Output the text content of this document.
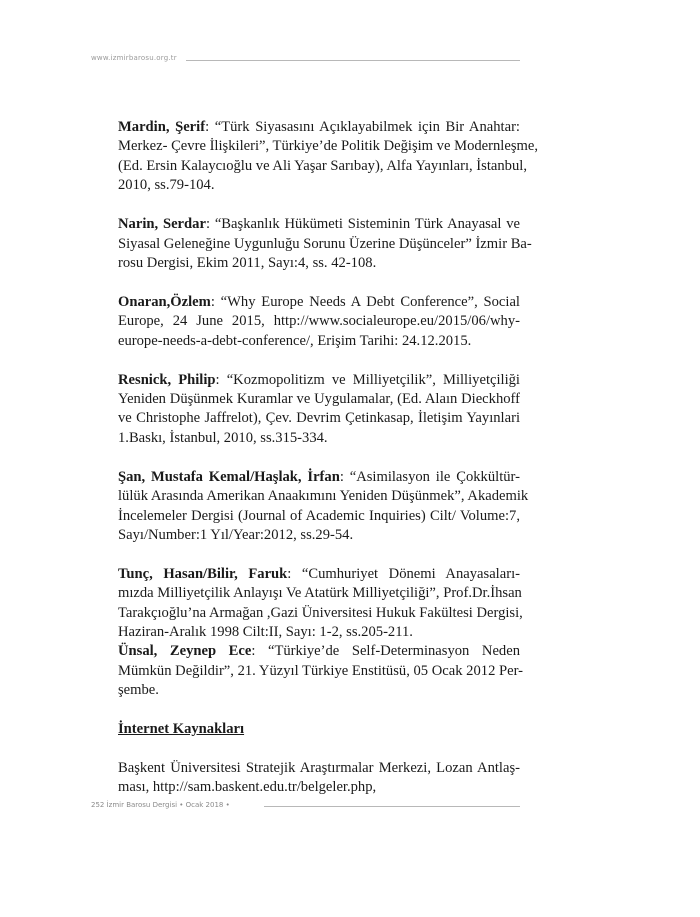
www.izmirbarosu.org.tr
Mardin, Şerif: “Türk Siyasasını Açıklayabilmek için Bir Anahtar:
Merkez- Çevre İlişkileri”, Türkiye’de Politik Değişim ve Modernleşme,
(Ed. Ersin Kalaycıoğlu ve Ali Yaşar Sarıbay), Alfa Yayınları, İstanbul,
2010, ss.79-104.
Narin, Serdar: “Başkanlık Hükümeti Sisteminin Türk Anayasal ve
Siyasal Geleneğine Uygunluğu Sorunu Üzerine Düşünceler” İzmir Ba-
rosu Dergisi, Ekim 2011, Sayı:4, ss. 42-108.
Onaran,Özlem: “Why Europe Needs A Debt Conference”, Social
Europe, 24 June 2015, http://www.socialeurope.eu/2015/06/why-
europe-needs-a-debt-conference/, Erişim Tarihi: 24.12.2015.
Resnick, Philip: “Kozmopolitizm ve Milliyetçilik”, Milliyetçiliği
Yeniden Düşünmek Kuramlar ve Uygulamalar, (Ed. Alaın Dieckhoff
ve Christophe Jaffrelot), Çev. Devrim Çetinkasap, İletişim Yayınlari
1.Baskı, İstanbul, 2010, ss.315-334.
Şan, Mustafa Kemal/Haşlak, İrfan: “Asimilasyon ile Çokkültür-
lülük Arasında Amerikan Anaakımını Yeniden Düşünmek”, Akademik
İncelemeler Dergisi (Journal of Academic Inquiries) Cilt/ Volume:7,
Sayı/Number:1 Yıl/Year:2012, ss.29-54.
Tunç, Hasan/Bilir, Faruk: “Cumhuriyet Dönemi Anayasaları-
mızda Milliyetçilik Anlayışı Ve Atatürk Milliyetçiliği”, Prof.Dr.İhsan
Tarakçıoğlu’na Armağan ,Gazi Üniversitesi Hukuk Fakültesi Dergisi,
Haziran-Aralık 1998 Cilt:II, Sayı: 1-2, ss.205-211.
Ünsal, Zeynep Ece: “Türkiye’de Self-Determinasyon Neden
Mümkün Değildir”, 21. Yüzyıl Türkiye Enstitüsü, 05 Ocak 2012 Per-
şembe.
İnternet Kaynakları
Başkent Üniversitesi Stratejik Araştırmalar Merkezi, Lozan Antlaş-
ması, http://sam.baskent.edu.tr/belgeler.php,
252 İzmir Barosu Dergisi • Ocak 2018 •
